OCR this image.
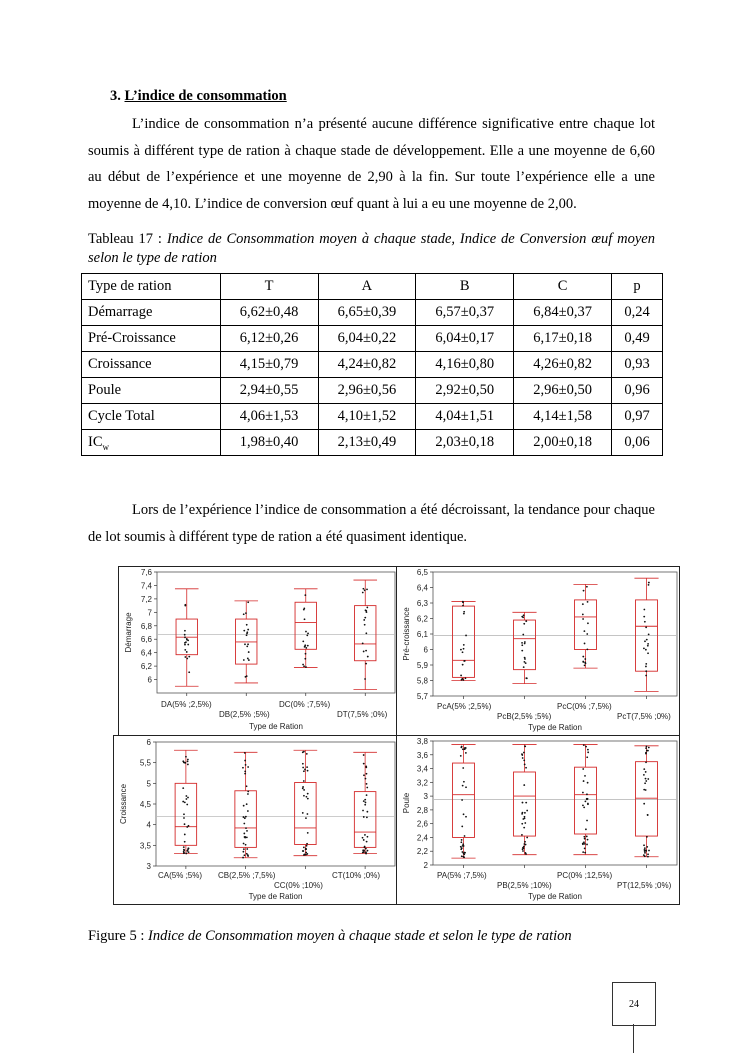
3. L’indice de consommation

L’indice de consommation n’a présenté aucune différence significative entre chaque lot soumis à différent type de ration à chaque stade de développement. Elle a une moyenne de 6,60 au début de l’expérience et une moyenne de 2,90 à la fin. Sur toute l’expérience elle a une moyenne de 4,10. L’indice de conversion œuf quant à lui a eu une moyenne de 2,00.

Tableau 17 : Indice de Consommation moyen à chaque stade, Indice de Conversion œuf moyen selon le type de ration

Type de ration	T	A	B	C	p
Démarrage	6,62±0,48	6,65±0,39	6,57±0,37	6,84±0,37	0,24
Pré-Croissance	6,12±0,26	6,04±0,22	6,04±0,17	6,17±0,18	0,49
Croissance	4,15±0,79	4,24±0,82	4,16±0,80	4,26±0,82	0,93
Poule	2,94±0,55	2,96±0,56	2,92±0,50	2,96±0,50	0,96
Cycle Total	4,06±1,53	4,10±1,52	4,04±1,51	4,14±1,58	0,97
$IC_w$	1,98±0,40	2,13±0,49	2,03±0,18	2,00±0,18	0,06

Lors de l’expérience l’indice de consommation a été décroissant, la tendance pour chaque de lot soumis à différent type de ration a été quasiment identique.

6
6,2
6,4
6,6
6,8
7
7,2
7,4
7,6
Démarrage
DA(5% ;2,5%)
DB(2,5% ;5%)
DC(0% ;7,5%)
DT(7,5% ;0%)
Type de Ration
5,7
5,8
5,9
6
6,1
6,2
6,3
6,4
6,5
Pré-croissance
PcA(5% ;2,5%)
PcB(2,5% ;5%)
PcC(0% ;7,5%)
PcT(7,5% ;0%)
Type de Ration
3
3,5
4
4,5
5
5,5
6
Croissance
CA(5% ;5%) CB(2,5% ;7,5%)
CC(0% ;10%)
CT(10% ;0%)
Type de Ration
2
2,2
2,4
2,6
2,8
3
3,2
3,4
3,6
3,8
Poule
PA(5% ;7,5%)
PB(2,5% ;10%)
PC(0% ;12,5%)
PT(12,5% ;0%)
Type de Ration
Figure 5 : Indice de Consommation moyen à chaque stade et selon le type de ration
24
